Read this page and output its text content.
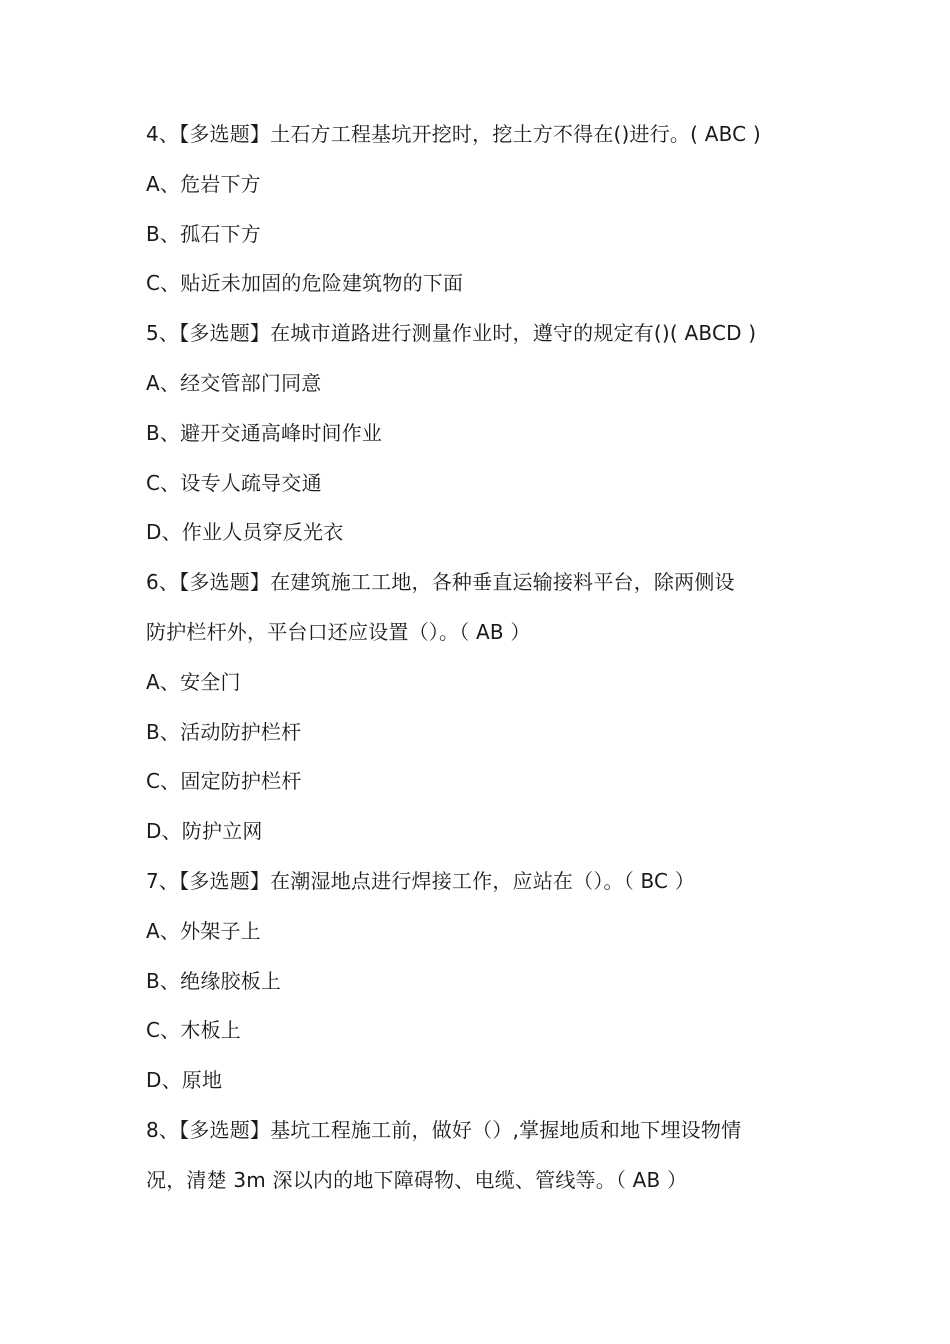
4、【多选题】土石方工程基坑开挖时，挖土方不得在()进行。( ABC )
A、危岩下方
B、孤石下方
C、贴近未加固的危险建筑物的下面
5、【多选题】在城市道路进行测量作业时，遵守的规定有()( ABCD )
A、经交管部门同意
B、避开交通高峰时间作业
C、设专人疏导交通
D、作业人员穿反光衣
6、【多选题】在建筑施工工地，各种垂直运输接料平台，除两侧设
防护栏杆外，平台口还应设置（）。（ AB ）
A、安全门
B、活动防护栏杆
C、固定防护栏杆
D、防护立网
7、【多选题】在潮湿地点进行焊接工作，应站在（）。（ BC ）
A、外架子上
B、绝缘胶板上
C、木板上
D、原地
8、【多选题】基坑工程施工前，做好（）,掌握地质和地下埋设物情
况，清楚 3m 深以内的地下障碍物、电缆、管线等。（ AB ）
